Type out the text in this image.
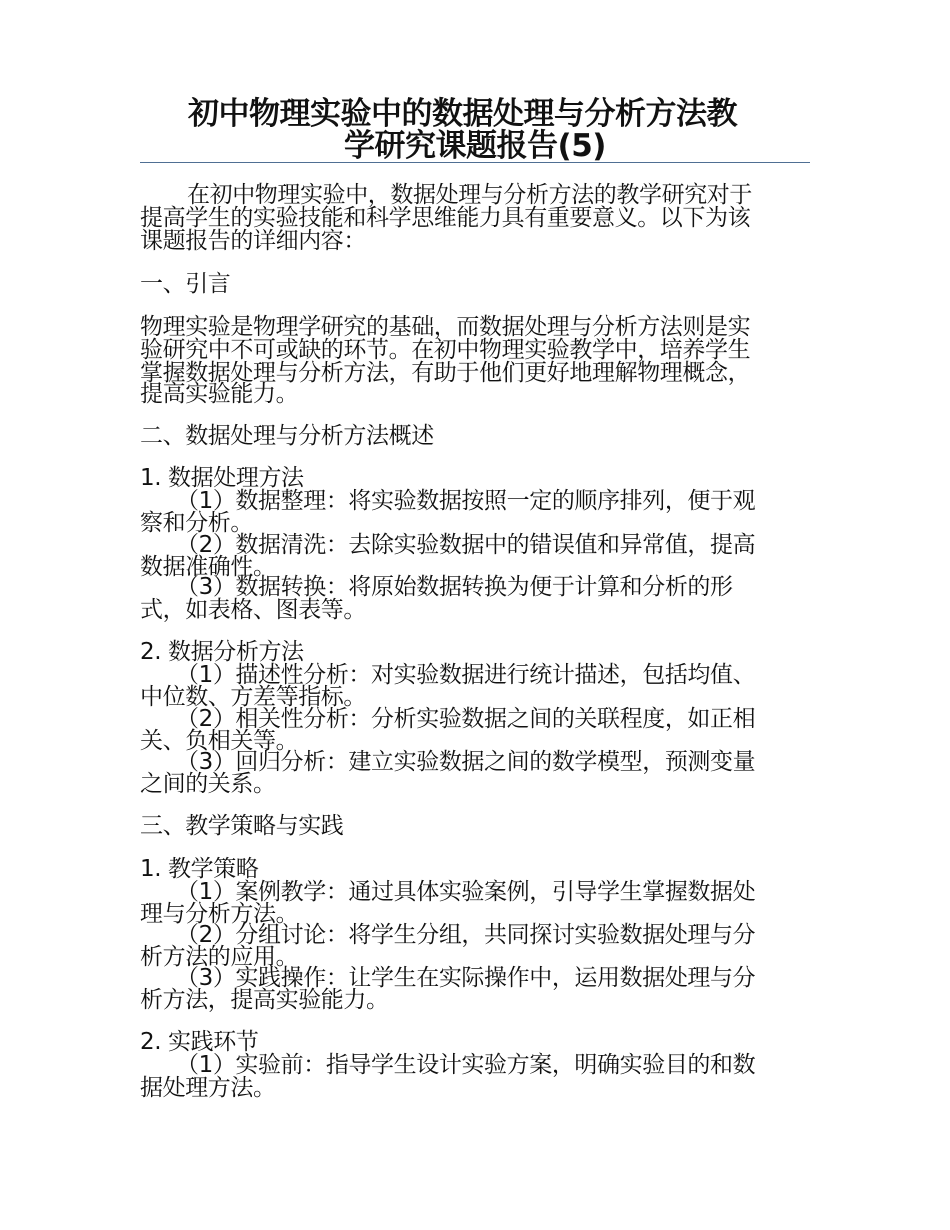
初中物理实验中的数据处理与分析方法教
学研究课题报告(5)
在初中物理实验中，数据处理与分析方法的教学研究对于
提高学生的实验技能和科学思维能力具有重要意义。以下为该
课题报告的详细内容：
一、引言
物理实验是物理学研究的基础，而数据处理与分析方法则是实
验研究中不可或缺的环节。在初中物理实验教学中，培养学生
掌握数据处理与分析方法，有助于他们更好地理解物理概念，
提高实验能力。
二、数据处理与分析方法概述
1. 数据处理方法
（1）数据整理：将实验数据按照一定的顺序排列，便于观
察和分析。
（2）数据清洗：去除实验数据中的错误值和异常值，提高
数据准确性。
（3）数据转换：将原始数据转换为便于计算和分析的形
式，如表格、图表等。
2. 数据分析方法
（1）描述性分析：对实验数据进行统计描述，包括均值、
中位数、方差等指标。
（2）相关性分析：分析实验数据之间的关联程度，如正相
关、负相关等。
（3）回归分析：建立实验数据之间的数学模型，预测变量
之间的关系。
三、教学策略与实践
1. 教学策略
（1）案例教学：通过具体实验案例，引导学生掌握数据处
理与分析方法。
（2）分组讨论：将学生分组，共同探讨实验数据处理与分
析方法的应用。
（3）实践操作：让学生在实际操作中，运用数据处理与分
析方法，提高实验能力。
2. 实践环节
（1）实验前：指导学生设计实验方案，明确实验目的和数
据处理方法。
